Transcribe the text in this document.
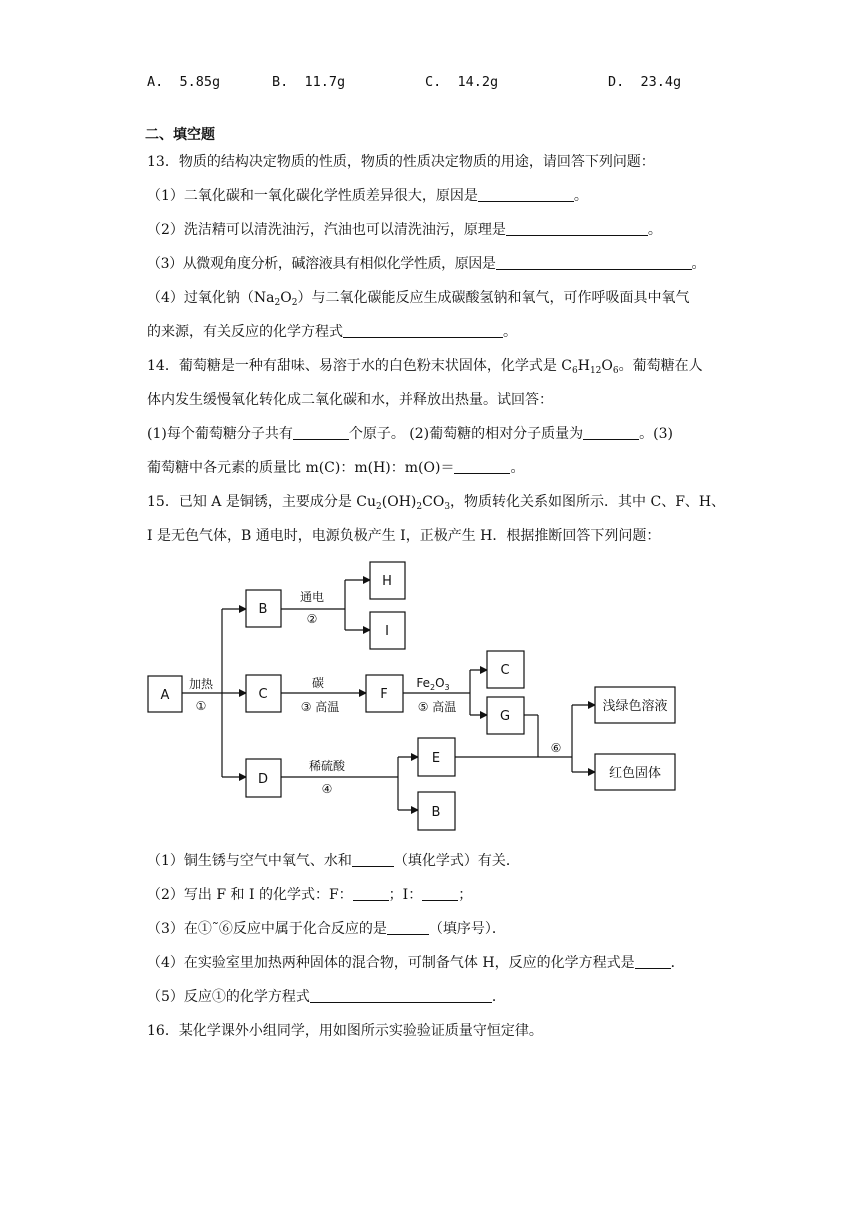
A. 5.85g	B. 11.7g	C. 14.2g	D. 23.4g
二、填空题
13．物质的结构决定物质的性质，物质的性质决定物质的用途，请回答下列问题：
（1）二氧化碳和一氧化碳化学性质差异很大，原因是	。
（2）洗洁精可以清洗油污，汽油也可以清洗油污，原理是	。
（3）从微观角度分析，碱溶液具有相似化学性质，原因是	。
（4）过氧化钠$(Na_2O_2)$与二氧化碳能反应生成碳酸氢钠和氧气，可作呼吸面具中氧气
的来源，有关反应的化学方程式	。
14．葡萄糖是一种有甜味、易溶于水的白色粉末状固体，化学式是 $C_6H_{12}O_6$。葡萄糖在人
体内发生缓慢氧化转化成二氧化碳和水，并释放出热量。试回答：
(1)每个葡萄糖分子共有	个原子。 (2)葡萄糖的相对分子质量为	。(3)
葡萄糖中各元素的质量比 m(C)：m(H)：m(O)＝	。
15．已知 A 是铜锈，主要成分是 $Cu_2(OH)_2CO_3$，物质转化关系如图所示．其中 C、F、H、
I 是无色气体，B 通电时，电源负极产生 I，正极产生 H．根据推断回答下列问题：
A
B
H
I
C	F
C
G
D
E
B
浅绿色溶液
红色固体
加热
①
通电
②
碳
③ 高温
$Fe_2O_3$
⑤ 高温
稀硫酸
④
⑥
（1）铜生锈与空气中氧气、水和	（填化学式）有关．
（2）写出 F 和 I 的化学式：F：	；I：	；
（3）在①˜⑥反应中属于化合反应的是	（填序号）．
（4）在实验室里加热两种固体的混合物，可制备气体 H，反应的化学方程式是	．
（5）反应①的化学方程式	．
16．某化学课外小组同学，用如图所示实验验证质量守恒定律。
